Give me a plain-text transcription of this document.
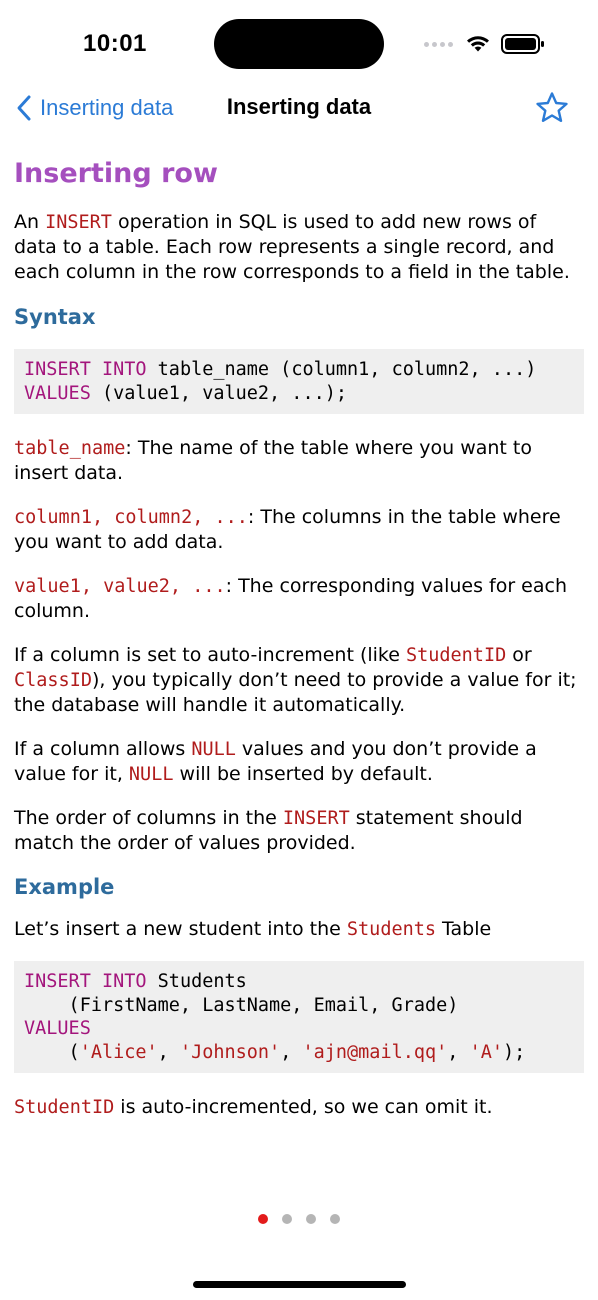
10:01
Inserting data	Inserting data
Inserting row

An INSERT operation in SQL is used to add new rows of data to a table. Each row represents a single record, and each column in the row corresponds to a field in the table.

Syntax
INSERT INTO table_name (column1, column2, ...)
VALUES (value1, value2, ...);

table_name: The name of the table where you want to insert data.

column1, column2, ...: The columns in the table where you want to add data.

value1, value2, ...: The corresponding values for each column.

If a column is set to auto-increment (like StudentID or ClassID), you typically don’t need to provide a value for it; the database will handle it automatically.

If a column allows NULL values and you don’t provide a value for it, NULL will be inserted by default.

The order of columns in the INSERT statement should match the order of values provided.

Example

Let’s insert a new student into the Students Table

INSERT INTO Students
(FirstName, LastName, Email, Grade)
VALUES
('Alice', 'Johnson', 'ajn@mail.qq', 'A');

StudentID is auto-incremented, so we can omit it.
